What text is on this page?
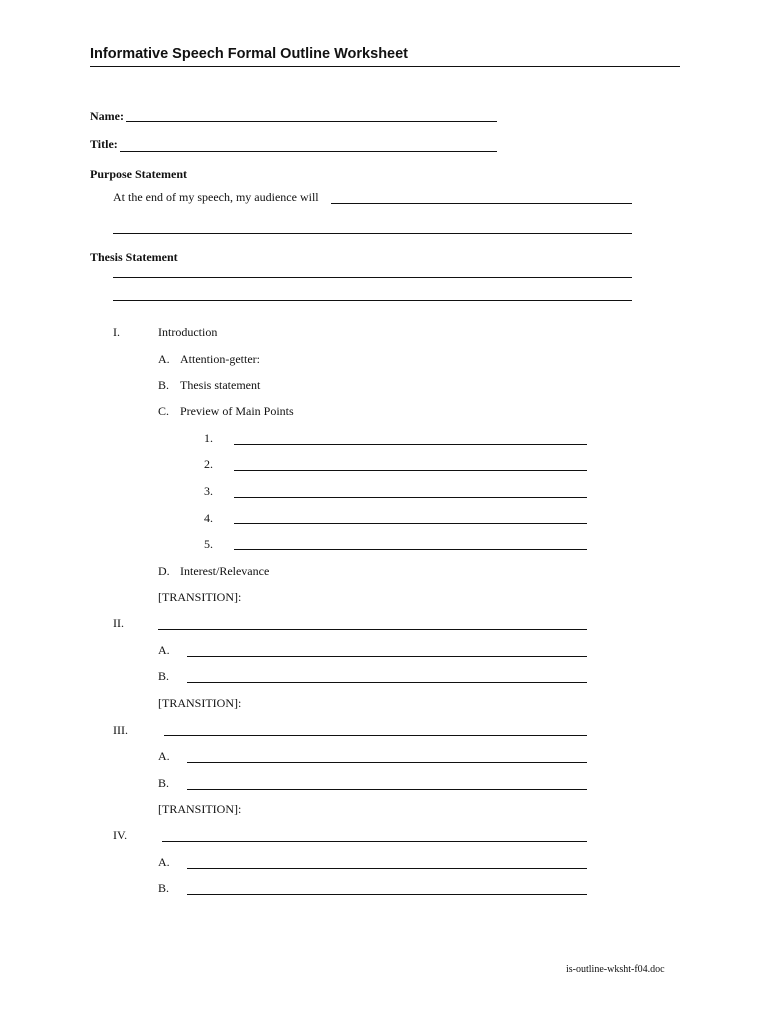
Informative Speech Formal Outline Worksheet
Name:
Title:
Purpose Statement
At the end of my speech, my audience will
Thesis Statement
I.	Introduction
A. Attention-getter:
B. Thesis statement
C. Preview of Main Points
1.
2.
3.
4.
5.
D. Interest/Relevance
[TRANSITION]:
II.
A.
B.
[TRANSITION]:
III.
A.
B.
[TRANSITION]:
IV.
A.
B.
is-outline-wksht-f04.doc
